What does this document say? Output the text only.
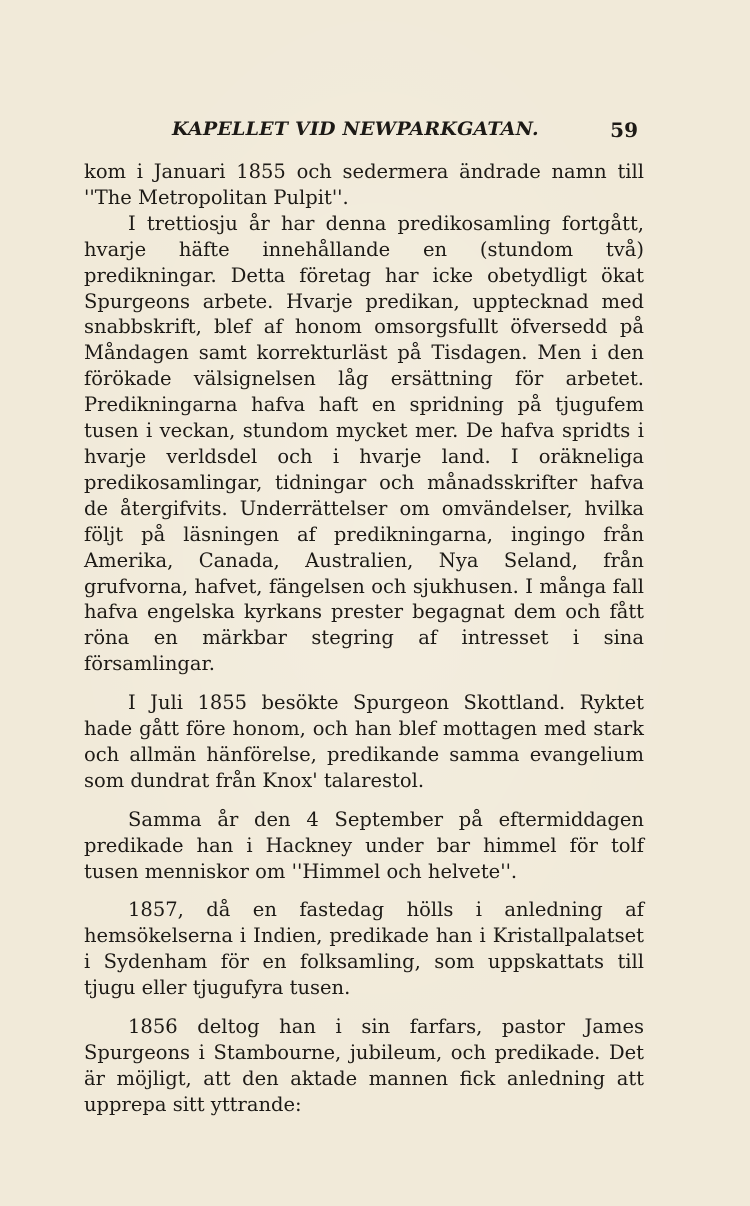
KAPELLET VID NEWPARKGATAN.	59

kom i Januari 1855 och sedermera ändrade namn till ''The Metropolitan Pulpit''.

I trettiosju år har denna predikosamling fortgått, hvarje häfte innehållande en (stundom två) predikningar. Detta företag har icke obetydligt ökat Spurgeons arbete. Hvarje predikan, upptecknad med snabbskrift, blef af honom omsorgsfullt öfversedd på Måndagen samt korrekturläst på Tisdagen. Men i den förökade välsignelsen låg ersättning för arbetet. Predikningarna hafva haft en spridning på tjugufem tusen i veckan, stundom mycket mer. De hafva spridts i hvarje verldsdel och i hvarje land. I oräkneliga predikosamlingar, tidningar och månadsskrifter hafva de återgifvits. Underrättelser om omvändelser, hvilka följt på läsningen af predikningarna, ingingo från Amerika, Canada, Australien, Nya Seland, från grufvorna, hafvet, fängelsen och sjukhusen. I många fall hafva engelska kyrkans prester begagnat dem och fått röna en märkbar stegring af intresset i sina församlingar.

I Juli 1855 besökte Spurgeon Skottland. Ryktet hade gått före honom, och han blef mottagen med stark och allmän hänförelse, predikande samma evangelium som dundrat från Knox' talarestol.

Samma år den 4 September på eftermiddagen predikade han i Hackney under bar himmel för tolf tusen menniskor om ''Himmel och helvete''.

1857, då en fastedag hölls i anledning af hemsökelserna i Indien, predikade han i Kristallpalatset i Sydenham för en folksamling, som uppskattats till tjugu eller tjugufyra tusen.

1856 deltog han i sin farfars, pastor James Spurgeons i Stambourne, jubileum, och predikade. Det är möjligt, att den aktade mannen fick anledning att upprepa sitt yttrande:
